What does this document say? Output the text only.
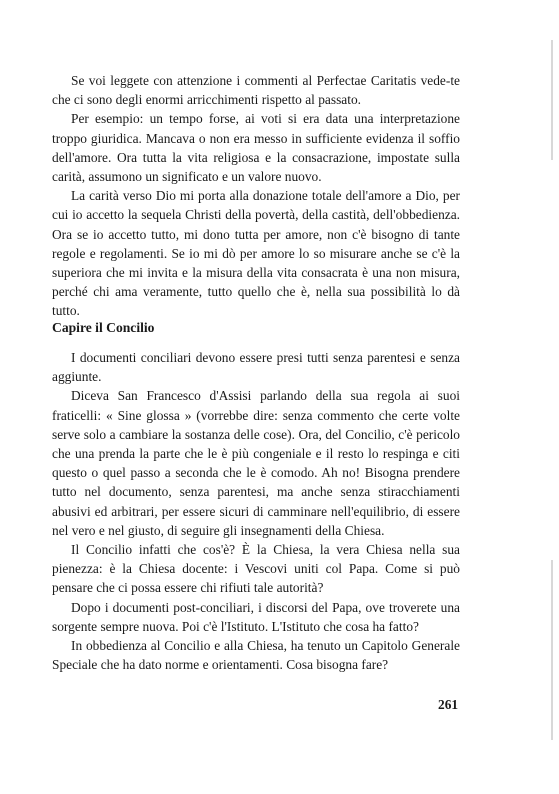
Se voi leggete con attenzione i commenti al Perfectae Caritatis vede-te che ci sono degli enormi arricchimenti rispetto al passato.

Per esempio: un tempo forse, ai voti si era data una interpretazione troppo giuridica. Mancava o non era messo in sufficiente evidenza il soffio dell'amore. Ora tutta la vita religiosa e la consacrazione, impostate sulla carità, assumono un significato e un valore nuovo.

La carità verso Dio mi porta alla donazione totale dell'amore a Dio, per cui io accetto la sequela Christi della povertà, della castità, dell'obbedienza. Ora se io accetto tutto, mi dono tutta per amore, non c'è bisogno di tante regole e regolamenti. Se io mi dò per amore lo so misurare anche se c'è la superiora che mi invita e la misura della vita consacrata è una non misura, perché chi ama veramente, tutto quello che è, nella sua possibilità lo dà tutto.

Capire il Concilio

I documenti conciliari devono essere presi tutti senza parentesi e senza aggiunte.

Diceva San Francesco d'Assisi parlando della sua regola ai suoi fraticelli: « Sine glossa » (vorrebbe dire: senza commento che certe volte serve solo a cambiare la sostanza delle cose). Ora, del Concilio, c'è pericolo che una prenda la parte che le è più congeniale e il resto lo respinga e citi questo o quel passo a seconda che le è comodo. Ah no! Bisogna prendere tutto nel documento, senza parentesi, ma anche senza stiracchiamenti abusivi ed arbitrari, per essere sicuri di camminare nell'equilibrio, di essere nel vero e nel giusto, di seguire gli insegnamenti della Chiesa.

Il Concilio infatti che cos'è? È la Chiesa, la vera Chiesa nella sua pienezza: è la Chiesa docente: i Vescovi uniti col Papa. Come si può pensare che ci possa essere chi rifiuti tale autorità?

Dopo i documenti post-conciliari, i discorsi del Papa, ove troverete una sorgente sempre nuova. Poi c'è l'Istituto. L'Istituto che cosa ha fatto?

In obbedienza al Concilio e alla Chiesa, ha tenuto un Capitolo Generale Speciale che ha dato norme e orientamenti. Cosa bisogna fare?

261
